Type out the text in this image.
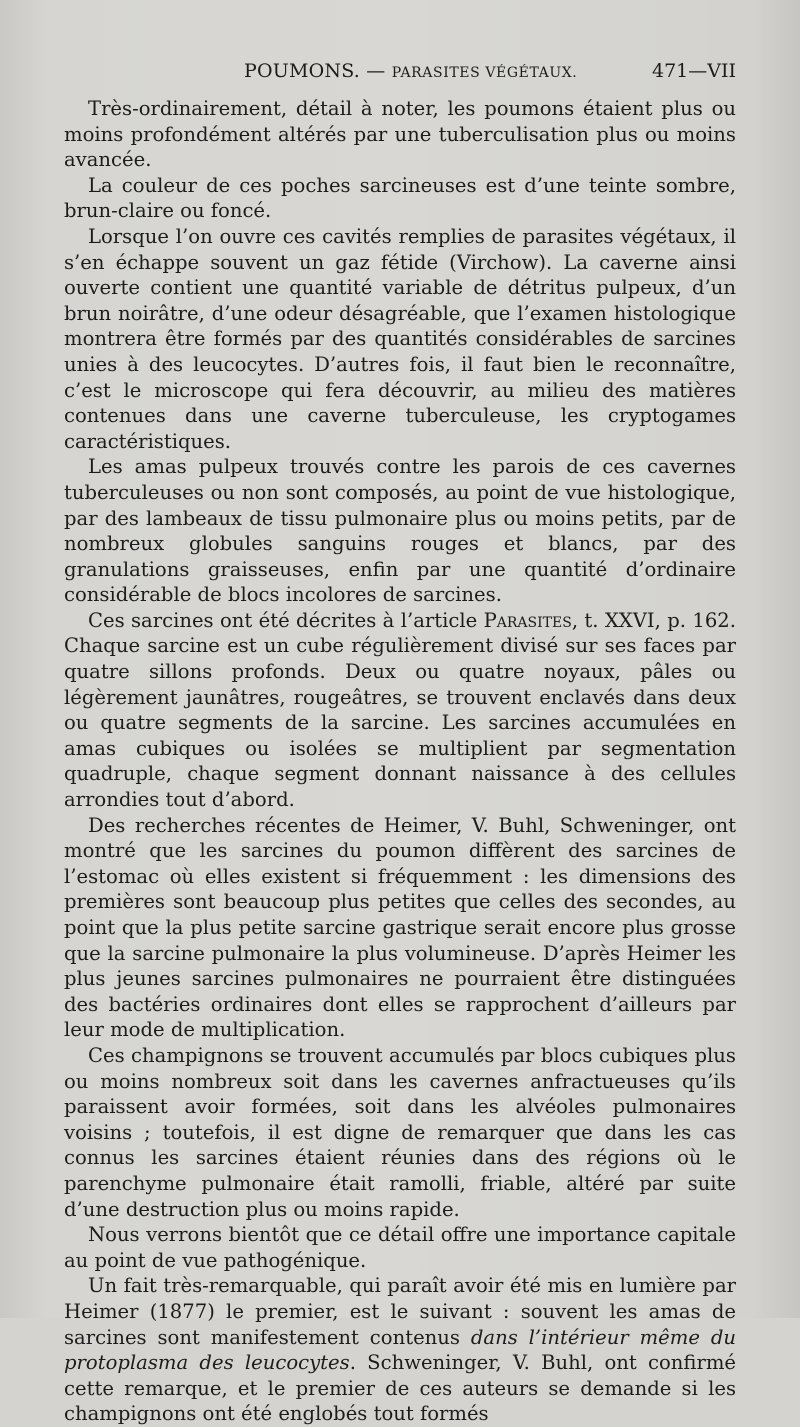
POUMONS. — PARASITES VÉGÉTAUX.	471—VII

Très-ordinairement, détail à noter, les poumons étaient plus ou moins profondément altérés par une tuberculisation plus ou moins avancée.

La couleur de ces poches sarcineuses est d’une teinte sombre, brun-claire ou foncé.

Lorsque l’on ouvre ces cavités remplies de parasites végétaux, il s’en échappe souvent un gaz fétide (Virchow). La caverne ainsi ouverte contient une quantité variable de détritus pulpeux, d’un brun noirâtre, d’une odeur désagréable, que l’examen histologique montrera être formés par des quantités considérables de sarcines unies à des leucocytes. D’autres fois, il faut bien le reconnaître, c’est le microscope qui fera découvrir, au milieu des matières contenues dans une caverne tuberculeuse, les cryptogames caractéristiques.

Les amas pulpeux trouvés contre les parois de ces cavernes tuberculeuses ou non sont composés, au point de vue histologique, par des lambeaux de tissu pulmonaire plus ou moins petits, par de nombreux globules sanguins rouges et blancs, par des granulations graisseuses, enfin par une quantité d’ordinaire considérable de blocs incolores de sarcines.

Ces sarcines ont été décrites à l’article Parasites, t. XXVI, p. 162. Chaque sarcine est un cube régulièrement divisé sur ses faces par quatre sillons profonds. Deux ou quatre noyaux, pâles ou légèrement jaunâtres, rougeâtres, se trouvent enclavés dans deux ou quatre segments de la sarcine. Les sarcines accumulées en amas cubiques ou isolées se multiplient par segmentation quadruple, chaque segment donnant naissance à des cellules arrondies tout d’abord.

Des recherches récentes de Heimer, V. Buhl, Schweninger, ont montré que les sarcines du poumon diffèrent des sarcines de l’estomac où elles existent si fréquemment : les dimensions des premières sont beaucoup plus petites que celles des secondes, au point que la plus petite sarcine gastrique serait encore plus grosse que la sarcine pulmonaire la plus volumineuse. D’après Heimer les plus jeunes sarcines pulmonaires ne pourraient être distinguées des bactéries ordinaires dont elles se rapprochent d’ailleurs par leur mode de multiplication.

Ces champignons se trouvent accumulés par blocs cubiques plus ou moins nombreux soit dans les cavernes anfractueuses qu’ils paraissent avoir formées, soit dans les alvéoles pulmonaires voisins ; toutefois, il est digne de remarquer que dans les cas connus les sarcines étaient réunies dans des régions où le parenchyme pulmonaire était ramolli, friable, altéré par suite d’une destruction plus ou moins rapide.

Nous verrons bientôt que ce détail offre une importance capitale au point de vue pathogénique.

Un fait très-remarquable, qui paraît avoir été mis en lumière par Heimer (1877) le premier, est le suivant : souvent les amas de sarcines sont manifestement contenus dans l’intérieur même du protoplasma des leucocytes. Schweninger, V. Buhl, ont confirmé cette remarque, et le premier de ces auteurs se demande si les champignons ont été englobés tout formés
